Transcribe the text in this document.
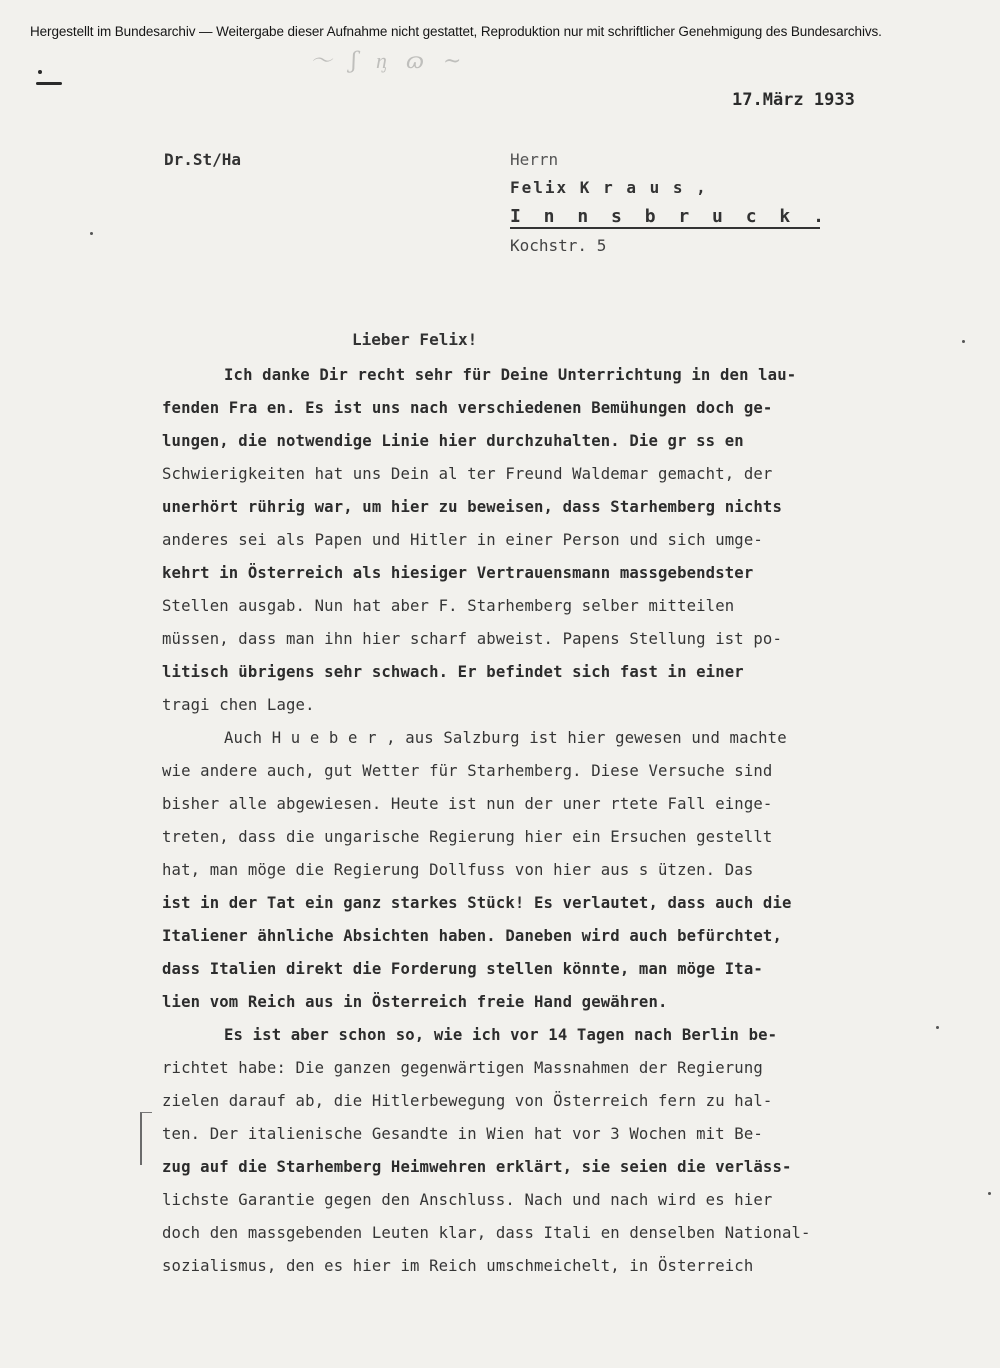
Hergestellt im Bundesarchiv — Weitergabe dieser Aufnahme nicht gestattet, Reproduktion nur mit schriftlicher Genehmigung des Bundesarchivs.
〜 ʃ ᶇ ɷ ~
17.März 1933
Dr.St/Ha	Herrn
Felix K r a u s ,
I n n s b r u c k .
Kochstr. 5
Lieber Felix!
Ich danke Dir recht sehr für Deine Unterrichtung in den lau-
fenden Fra en. Es ist uns nach verschiedenen Bemühungen doch ge-
lungen, die notwendige Linie hier durchzuhalten. Die gr ss en
Schwierigkeiten hat uns Dein al ter Freund Waldemar gemacht, der
unerhört rührig war, um hier zu beweisen, dass Starhemberg nichts
anderes sei als Papen und Hitler in einer Person und sich umge-
kehrt in Österreich als hiesiger Vertrauensmann massgebendster
Stellen ausgab. Nun hat aber F. Starhemberg selber mitteilen
müssen, dass man ihn hier scharf abweist. Papens Stellung ist po-
litisch übrigens sehr schwach. Er befindet sich fast in einer
tragi chen Lage.
Auch H u e b e r , aus Salzburg ist hier gewesen und machte
wie andere auch, gut Wetter für Starhemberg. Diese Versuche sind
bisher alle abgewiesen. Heute ist nun der uner rtete Fall einge-
treten, dass die ungarische Regierung hier ein Ersuchen gestellt
hat, man möge die Regierung Dollfuss von hier aus s ützen. Das
ist in der Tat ein ganz starkes Stück! Es verlautet, dass auch die
Italiener ähnliche Absichten haben. Daneben wird auch befürchtet,
dass Italien direkt die Forderung stellen könnte, man möge Ita-
lien vom Reich aus in Österreich freie Hand gewähren.
Es ist aber schon so, wie ich vor 14 Tagen nach Berlin be-
richtet habe: Die ganzen gegenwärtigen Massnahmen der Regierung
zielen darauf ab, die Hitlerbewegung von Österreich fern zu hal-
ten. Der italienische Gesandte in Wien hat vor 3 Wochen mit Be-
zug auf die Starhemberg Heimwehren erklärt, sie seien die verläss-
lichste Garantie gegen den Anschluss. Nach und nach wird es hier
doch den massgebenden Leuten klar, dass Itali en denselben National-
sozialismus, den es hier im Reich umschmeichelt, in Österreich
